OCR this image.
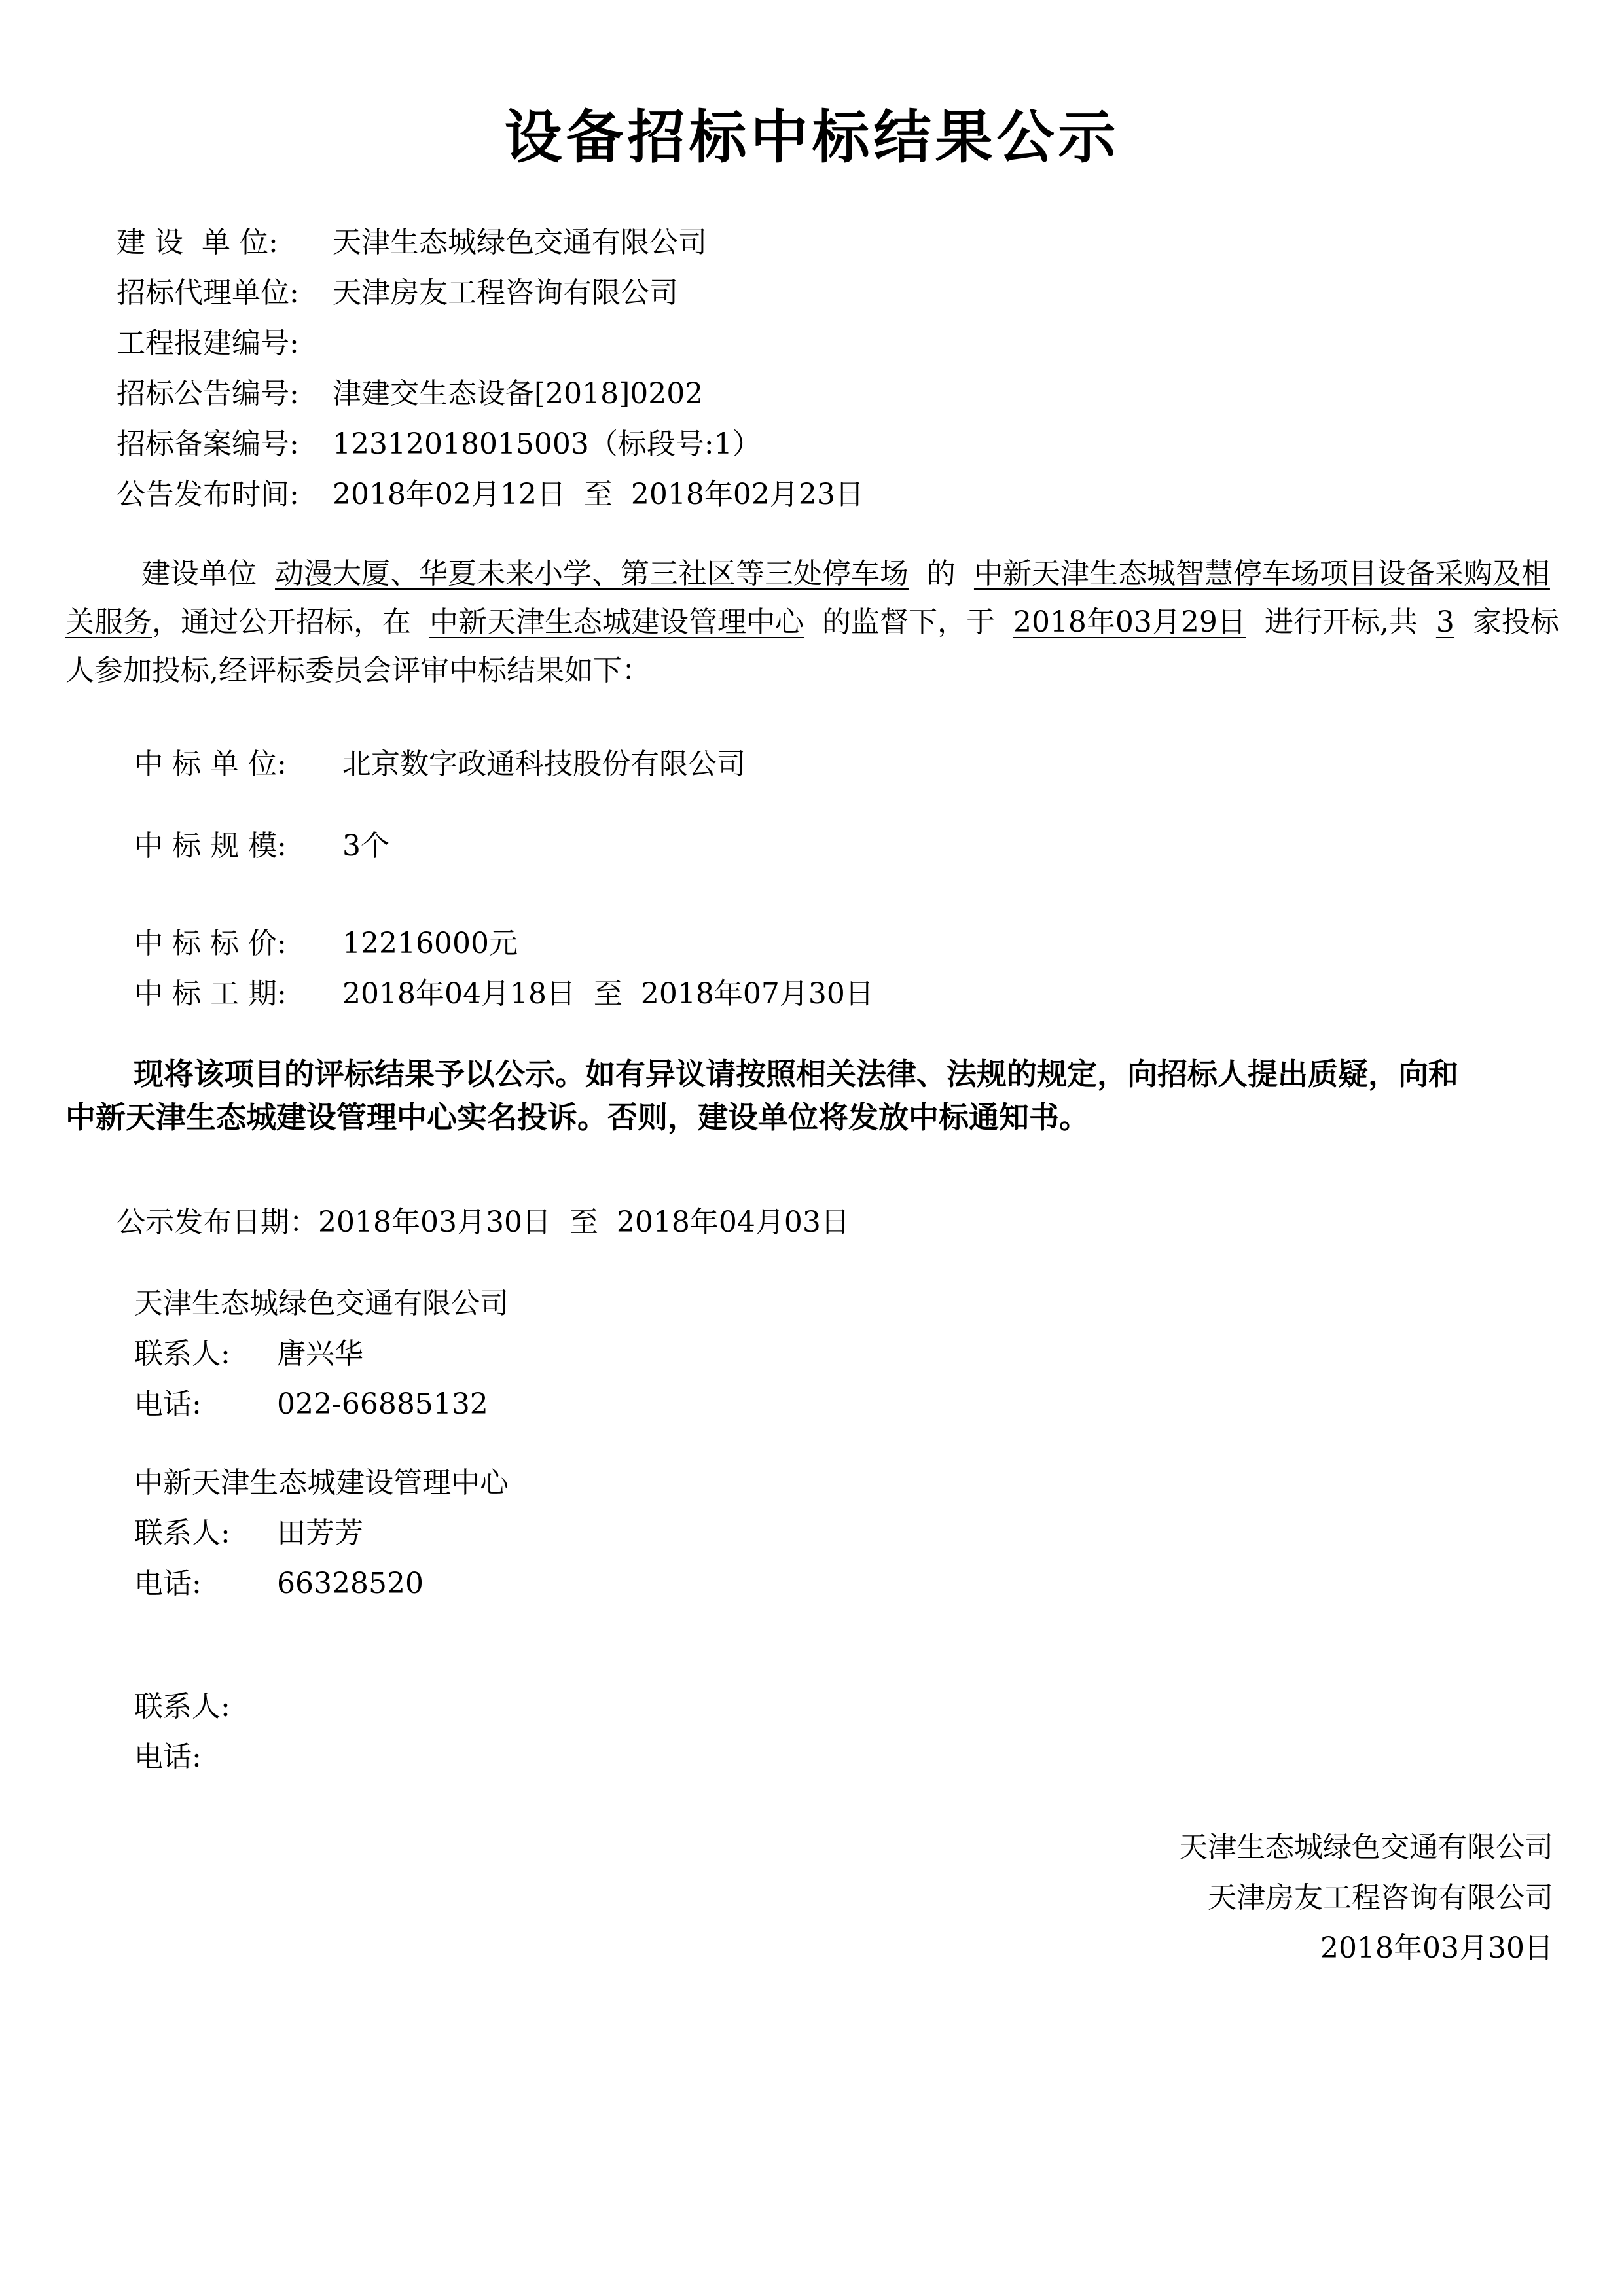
设备招标中标结果公示
建 设  单 位: 天津生态城绿色交通有限公司
招标代理单位: 天津房友工程咨询有限公司
工程报建编号:
招标公告编号: 津建交生态设备[2018]0202
招标备案编号: 12312018015003（标段号:1）
公告发布时间: 2018年02月12日  至  2018年02月23日
建设单位 动漫大厦、华夏未来小学、第三社区等三处停车场 的 中新天津生态城智慧停车场项目设备采购及相关服务，通过公开招标，在 中新天津生态城建设管理中心 的监督下，于 2018年03月29日 进行开标,共 3 家投标人参加投标,经评标委员会评审中标结果如下：
中 标 单 位: 北京数字政通科技股份有限公司
中 标 规 模: 3个
中 标 标 价: 12216000元
中 标 工 期: 2018年04月18日  至  2018年07月30日
现将该项目的评标结果予以公示。如有异议请按照相关法律、法规的规定，向招标人提出质疑，向和中新天津生态城建设管理中心实名投诉。否则，建设单位将发放中标通知书。
公示发布日期：2018年03月30日  至  2018年04月03日
天津生态城绿色交通有限公司
联系人: 唐兴华
电话:	022-66885132
中新天津生态城建设管理中心
联系人: 田芳芳
电话:	66328520
联系人:
电话:
天津生态城绿色交通有限公司
天津房友工程咨询有限公司
2018年03月30日
